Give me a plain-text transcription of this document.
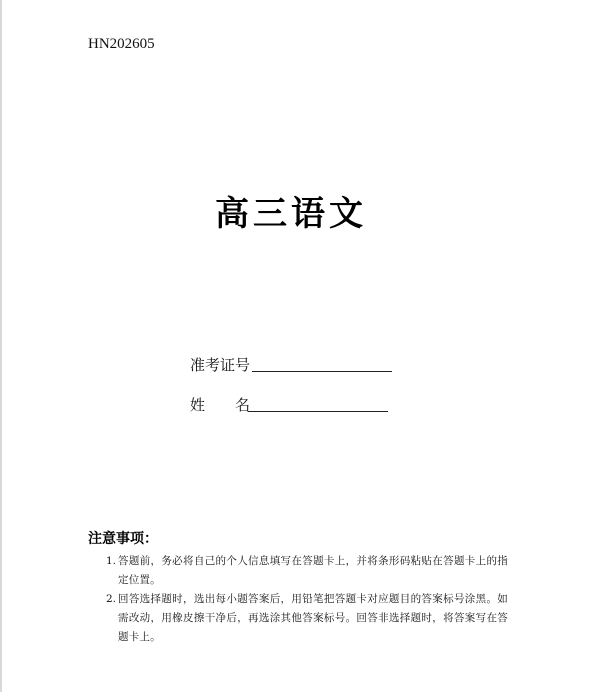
HN202605
高三语文
准考证号
姓　　名
注意事项：
1. 答题前，务必将自己的个人信息填写在答题卡上，并将条形码粘贴在答题卡上的指定位置。
2. 回答选择题时，选出每小题答案后，用铅笔把答题卡对应题目的答案标号涂黑。如需改动，用橡皮擦干净后，再选涂其他答案标号。回答非选择题时，将答案写在答题卡上。
